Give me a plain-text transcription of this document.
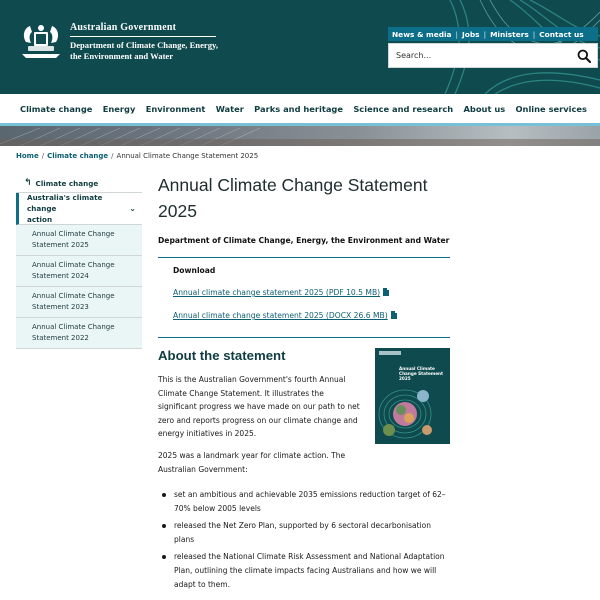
Australian Government
Department of Climate Change, Energy,
the Environment and Water
News & media | Jobs | Ministers | Contact us
Search...
Climate change Energy Environment Water Parks and heritage Science and research About us Online services
Home / Climate change / Annual Climate Change Statement 2025
↰ Climate change
Australia's climate change
action
⌄
Annual Climate Change
Statement 2025
Annual Climate Change
Statement 2024
Annual Climate Change
Statement 2023
Annual Climate Change
Statement 2022
Annual Climate Change Statement
2025
Department of Climate Change, Energy, the Environment and Water
Download
Annual climate change statement 2025 (PDF 10.5 MB)
Annual climate change statement 2025 (DOCX 26.6 MB)
About the statement

This is the Australian Government's fourth Annual Climate Change Statement. It illustrates the significant progress we have made on our path to net zero and reports progress on our climate change and energy initiatives in 2025.

2025 was a landmark year for climate action. The Australian Government:

Annual Climate Change Statement 2025
set an ambitious and achievable 2035 emissions reduction target of 62–70% below 2005 levels
released the Net Zero Plan, supported by 6 sectoral decarbonisation plans
released the National Climate Risk Assessment and National Adaptation Plan, outlining the climate impacts facing Australians and how we will adapt to them.
